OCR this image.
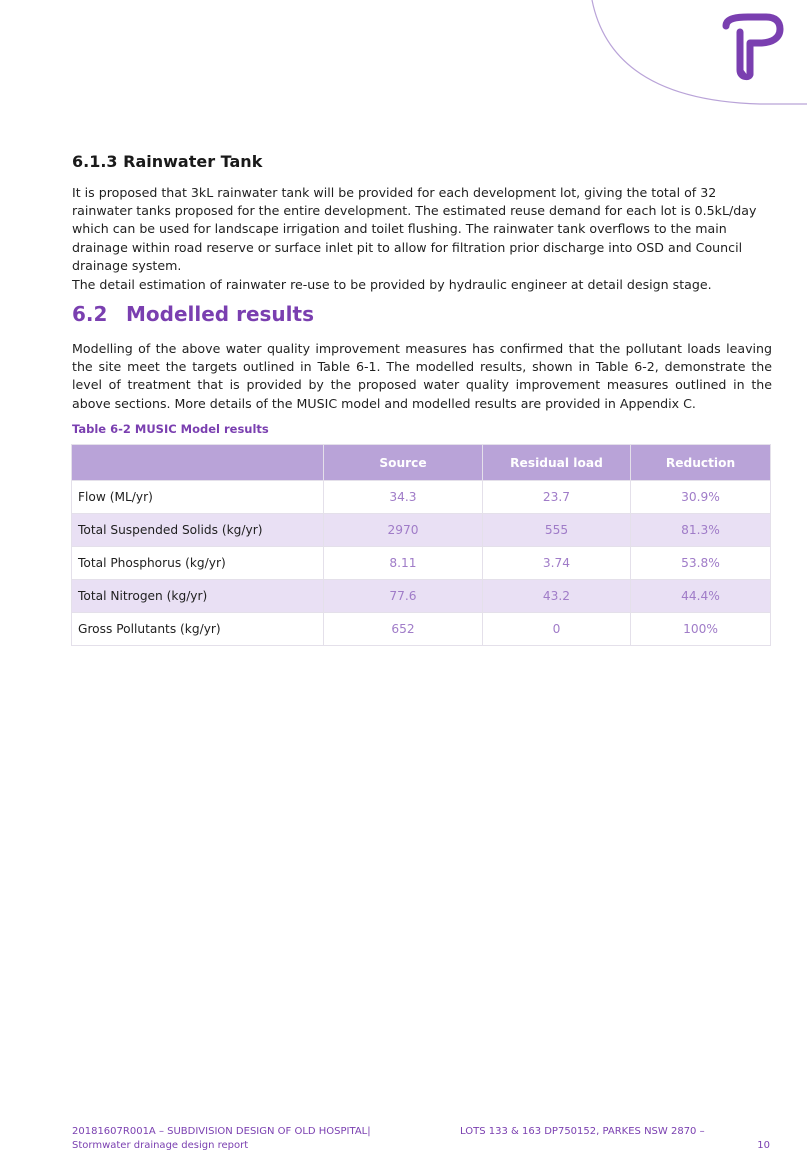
6.1.3 Rainwater Tank

It is proposed that 3kL rainwater tank will be provided for each development lot, giving the total of 32 rainwater tanks proposed for the entire development. The estimated reuse demand for each lot is 0.5kL/day which can be used for landscape irrigation and toilet flushing. The rainwater tank overflows to the main drainage within road reserve or surface inlet pit to allow for filtration prior discharge into OSD and Council drainage system.

The detail estimation of rainwater re-use to be provided by hydraulic engineer at detail design stage.

6.2 Modelled results

Modelling of the above water quality improvement measures has confirmed that the pollutant loads leaving the site meet the targets outlined in Table 6-1. The modelled results, shown in Table 6-2, demonstrate the level of treatment that is provided by the proposed water quality improvement measures outlined in the above sections. More details of the MUSIC model and modelled results are provided in Appendix C.

Table 6-2 MUSIC Model results

	Source	Residual load	Reduction
Flow (ML/yr)	34.3	23.7	30.9%
Total Suspended Solids (kg/yr)	2970	555	81.3%
Total Phosphorus (kg/yr)	8.11	3.74	53.8%
Total Nitrogen (kg/yr)	77.6	43.2	44.4%
Gross Pollutants (kg/yr)	652	0	100%
20181607R001A – SUBDIVISION DESIGN OF OLD HOSPITAL|
Stormwater drainage design report
LOTS 133 & 163 DP750152, PARKES NSW 2870 –
10
